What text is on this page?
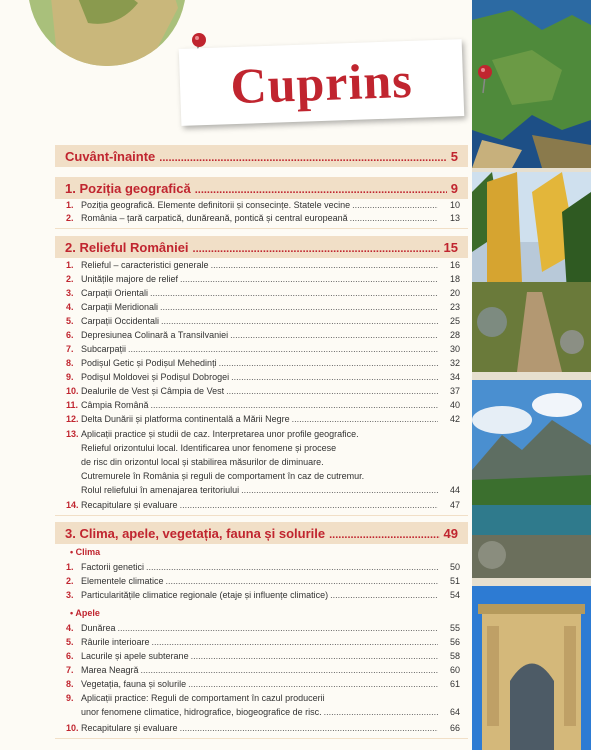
Cuprins
Cuvânt-înainte .....	5
1. Poziția geografică .....	9
1. Poziția geografică. Elemente definitorii și consecințe. Statele vecine .....	10
2. România – țară carpatică, dunăreană, pontică și central europeană .....	13
2. Relieful României .....	15
1. Relieful – caracteristici generale .....	16
2. Unitățile majore de relief .....	18
3. Carpații Orientali .....	20
4. Carpații Meridionali .....	23
5. Carpații Occidentali .....	25
6. Depresiunea Colinară a Transilvaniei .....	28
7. Subcarpații .....	30
8. Podișul Getic și Podișul Mehedinți .....	32
9. Podișul Moldovei și Podișul Dobrogei .....	34
10. Dealurile de Vest și Câmpia de Vest .....	37
11. Câmpia Română .....	40
12. Delta Dunării și platforma continentală a Mării Negre .....	42
13. Aplicații practice și studii de caz. Interpretarea unor profile geografice.
Relieful orizontului local. Identificarea unor fenomene și procese
de risc din orizontul local și stabilirea măsurilor de diminuare.
Cutremurele în România și reguli de comportament în caz de cutremur.
Rolul reliefului în amenajarea teritoriului .....	44
14. Recapitulare și evaluare .....	47
3. Clima, apele, vegetația, fauna și solurile .....	49
• Clima
1. Factorii genetici .....	50
2. Elementele climatice .....	51
3. Particularitățile climatice regionale (etaje și influențe climatice) .....	54
• Apele
4. Dunărea .....	55
5. Râurile interioare .....	56
6. Lacurile și apele subterane .....	58
7. Marea Neagră .....	60
8. Vegetația, fauna și solurile .....	61
9. Aplicații practice: Reguli de comportament în cazul producerii
unor fenomene climatice, hidrografice, biogeografice de risc. .....	64
10. Recapitulare și evaluare .....	66
